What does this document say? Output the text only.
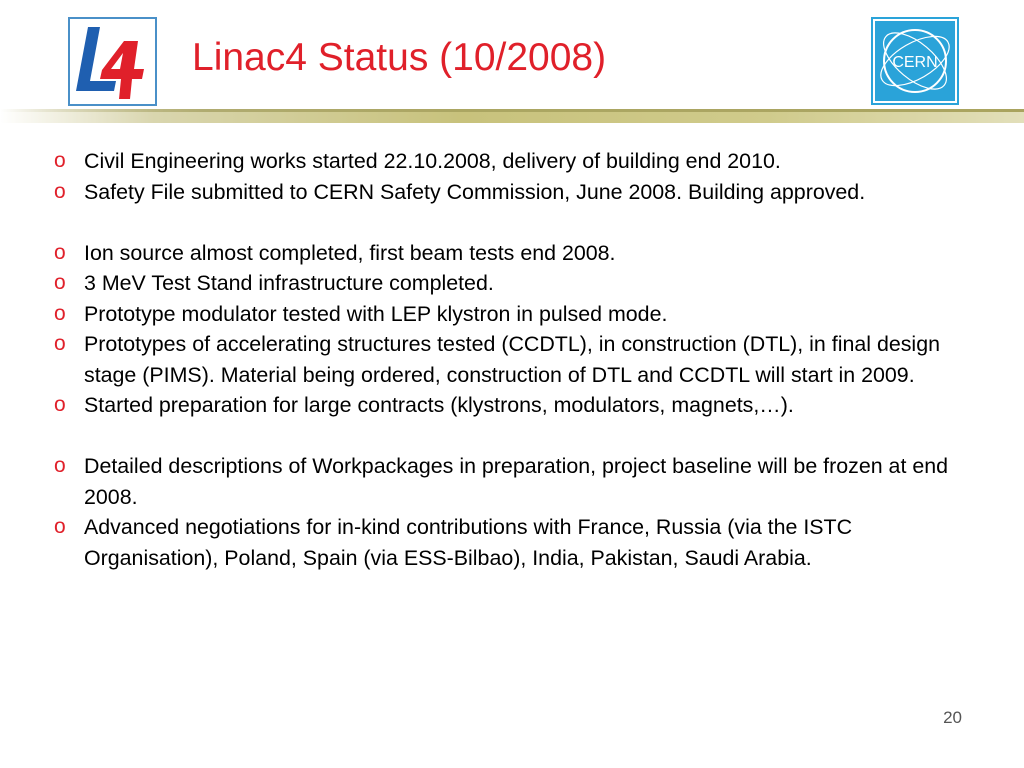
Linac4 Status (10/2008)	CERN
o Civil Engineering works started 22.10.2008, delivery of building end 2010.
o Safety File submitted to CERN Safety Commission, June 2008. Building approved.
o Ion source almost completed, first beam tests end 2008.
o 3 MeV Test Stand infrastructure completed.
o Prototype modulator tested with LEP klystron in pulsed mode.
o Prototypes of accelerating structures tested (CCDTL), in construction (DTL), in final design stage (PIMS). Material being ordered, construction of DTL and CCDTL will start in 2009.
o Started preparation for large contracts (klystrons, modulators, magnets,…).
o Detailed descriptions of Workpackages in preparation, project baseline will be frozen at end 2008.
o Advanced negotiations for in-kind contributions with France, Russia (via the ISTC Organisation), Poland, Spain (via ESS-Bilbao), India, Pakistan, Saudi Arabia.
20
